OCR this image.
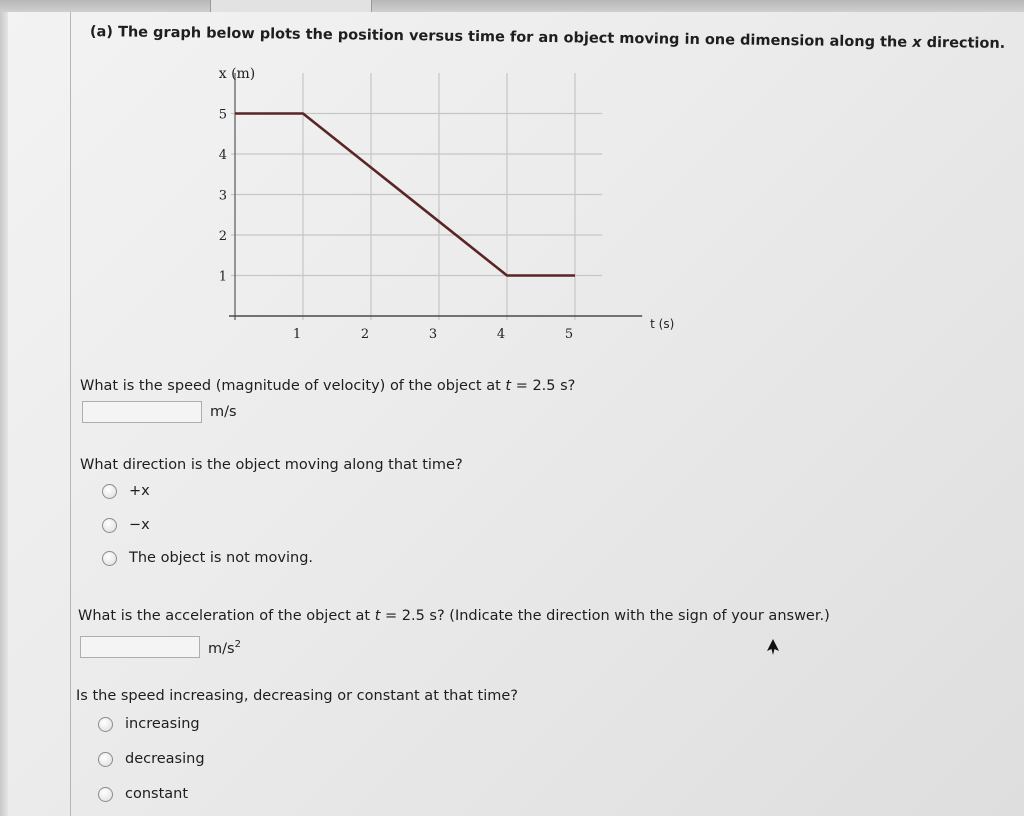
(a) The graph below plots the position versus time for an object moving in one dimension along the x direction.
1	2	3	4	5
1
2
3
4
5
x (m)
t (s)
What is the speed (magnitude of velocity) of the object at t = 2.5 s?
m/s
What direction is the object moving along that time?
+x
−x
The object is not moving.
What is the acceleration of the object at t = 2.5 s? (Indicate the direction with the sign of your answer.)
$m/s^2$
Is the speed increasing, decreasing or constant at that time?
increasing
decreasing
constant
